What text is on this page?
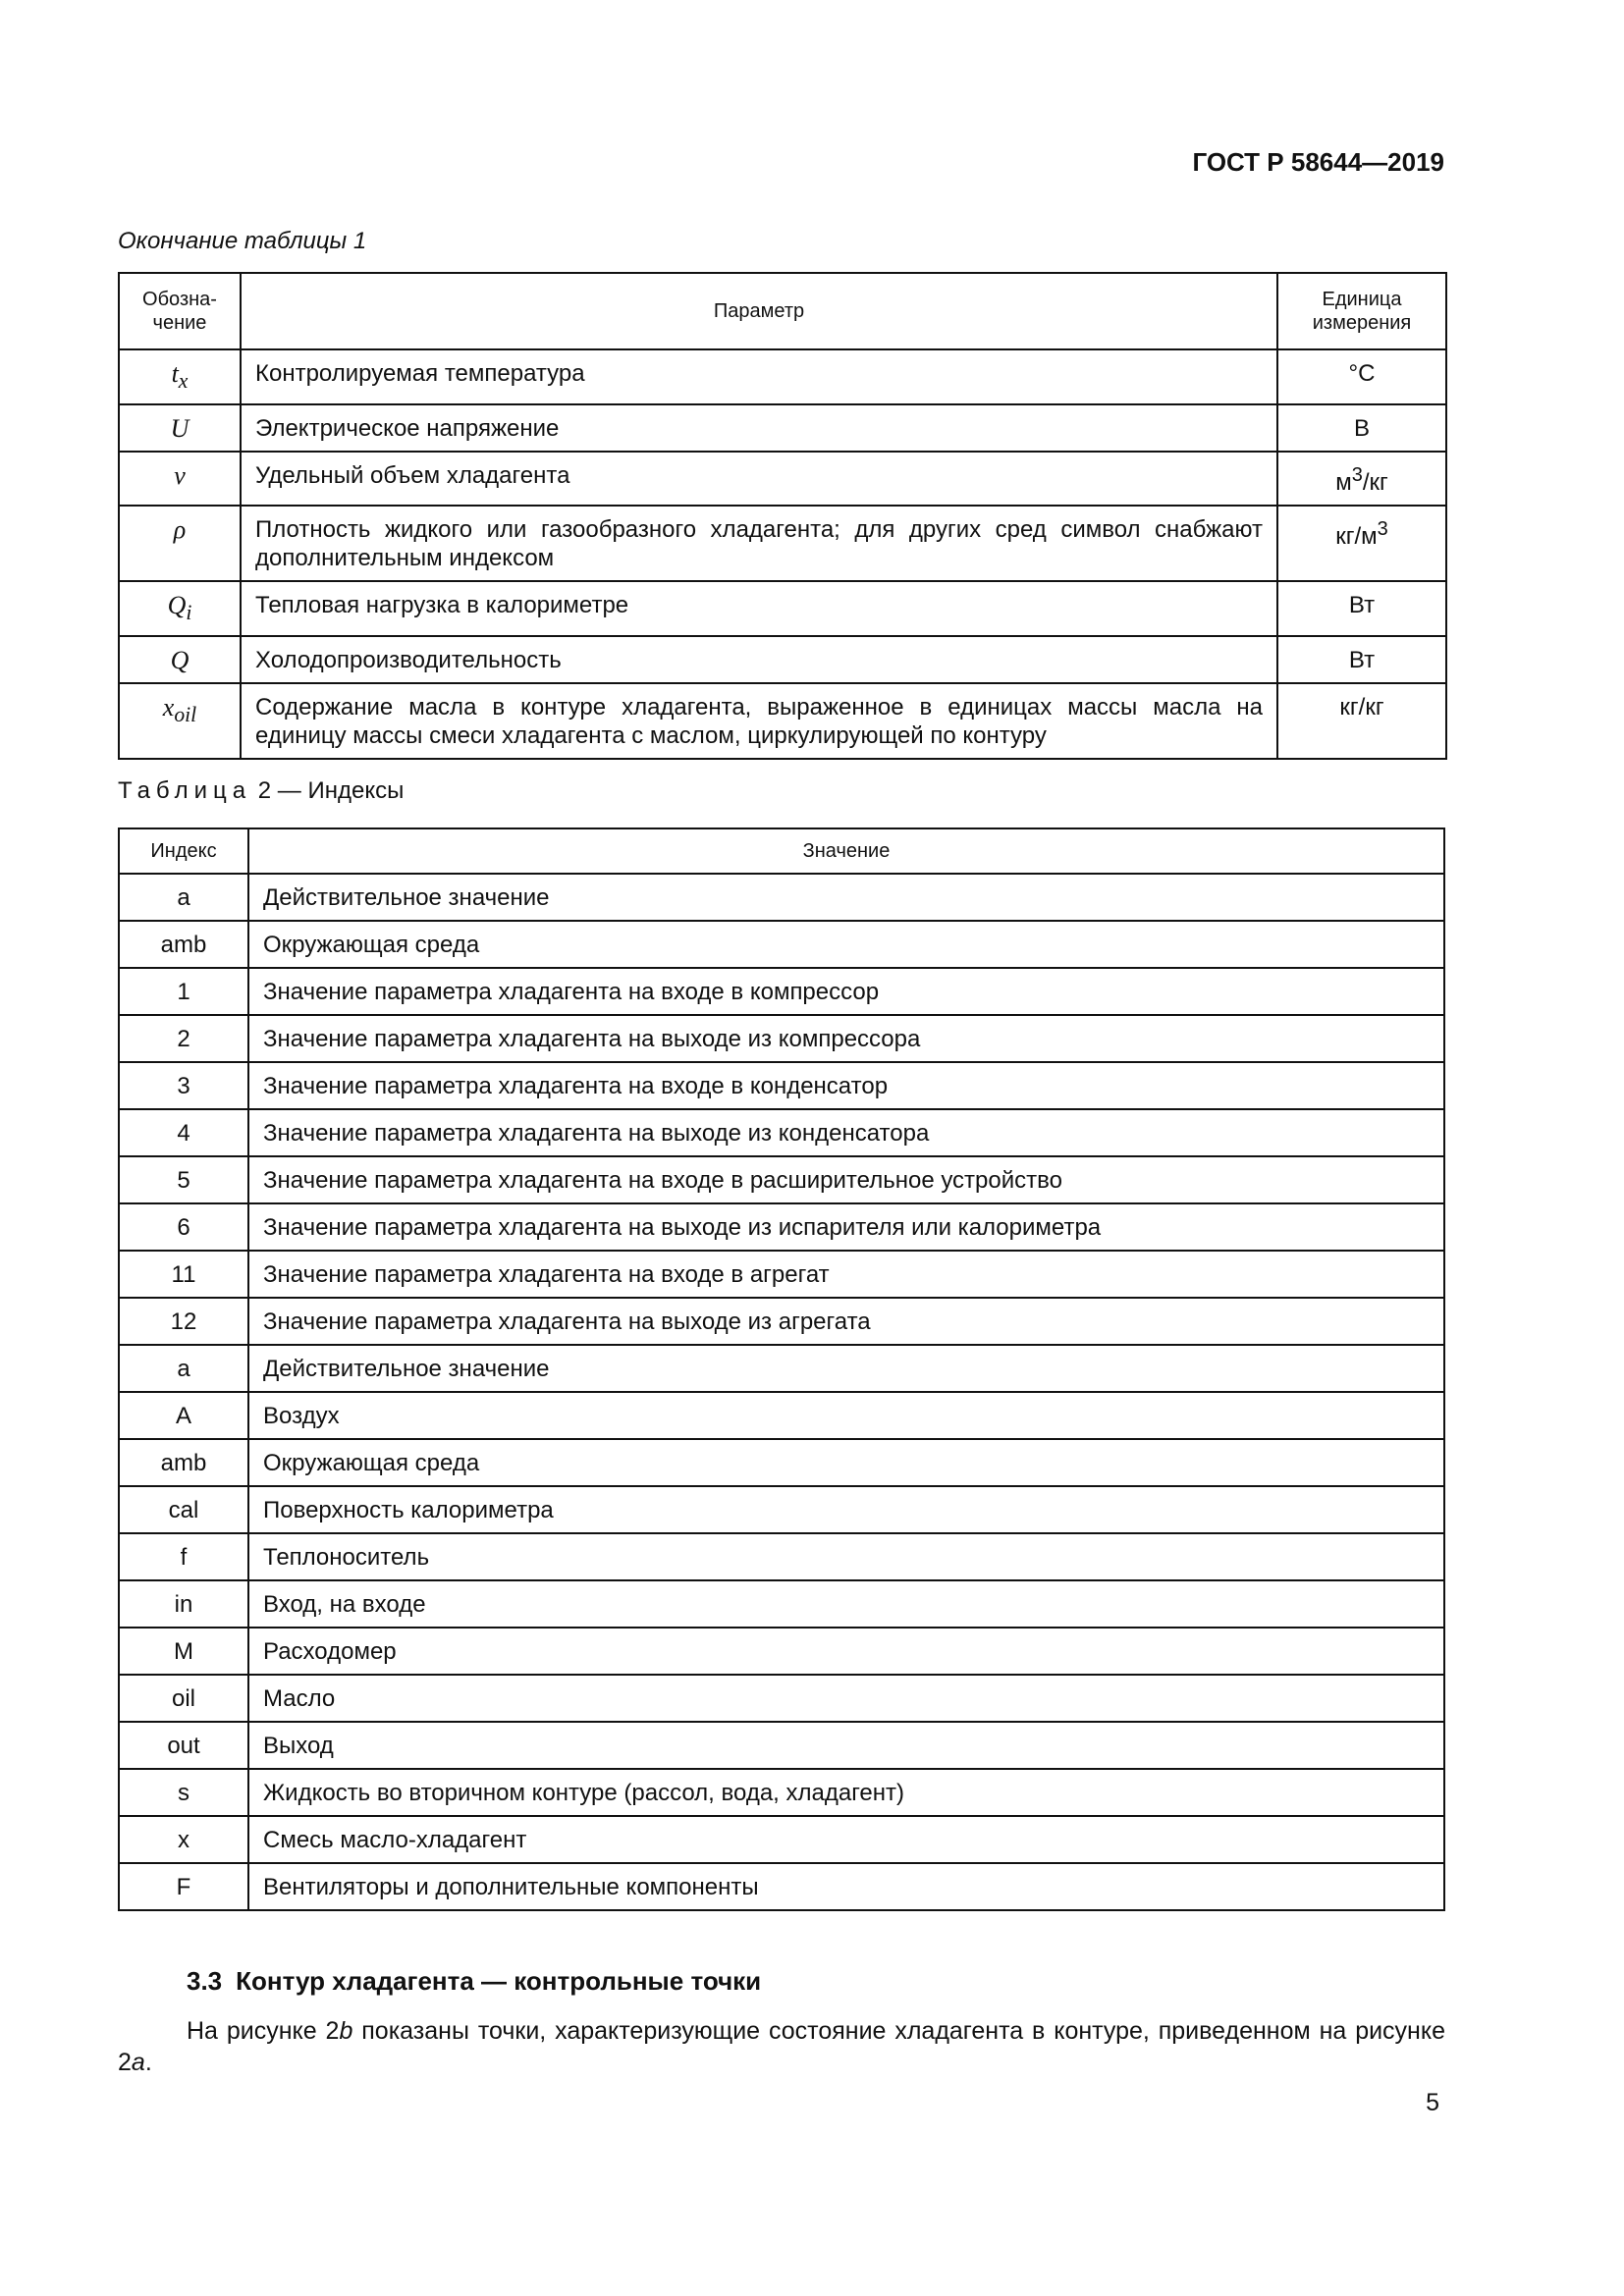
ГОСТ Р 58644—2019
Окончание таблицы 1
Обозна-чение	Параметр	Единица измерения
$t_x$	Контролируемая температура	°С
U	Электрическое напряжение	В
v	Удельный объем хладагента	$м^3/кг$
ρ	Плотность жидкого или газообразного хладагента; для других сред символ снабжают дополнительным индексом	$кг/м^3$
$Q_i$	Тепловая нагрузка в калориметре	Вт
Q	Холодопроизводительность	Вт
$x_{oil}$	Содержание масла в контуре хладагента, выраженное в единицах массы масла на единицу массы смеси хладагента с маслом, циркулирующей по контуру	кг/кг
Таблица 2 — Индексы
Индекс	Значение
a	Действительное значение
amb	Окружающая среда
1	Значение параметра хладагента на входе в компрессор
2	Значение параметра хладагента на выходе из компрессора
3	Значение параметра хладагента на входе в конденсатор
4	Значение параметра хладагента на выходе из конденсатора
5	Значение параметра хладагента на входе в расширительное устройство
6	Значение параметра хладагента на выходе из испарителя или калориметра
11	Значение параметра хладагента на входе в агрегат
12	Значение параметра хладагента на выходе из агрегата
a	Действительное значение
A	Воздух
amb	Окружающая среда
cal	Поверхность калориметра
f	Теплоноситель
in	Вход, на входе
M	Расходомер
oil	Масло
out	Выход
s	Жидкость во вторичном контуре (рассол, вода, хладагент)
x	Смесь масло-хладагент
F	Вентиляторы и дополнительные компоненты
3.3 Контур хладагента — контрольные точки
На рисунке 2b показаны точки, характеризующие состояние хладагента в контуре, приведенном на рисунке 2a.
5
